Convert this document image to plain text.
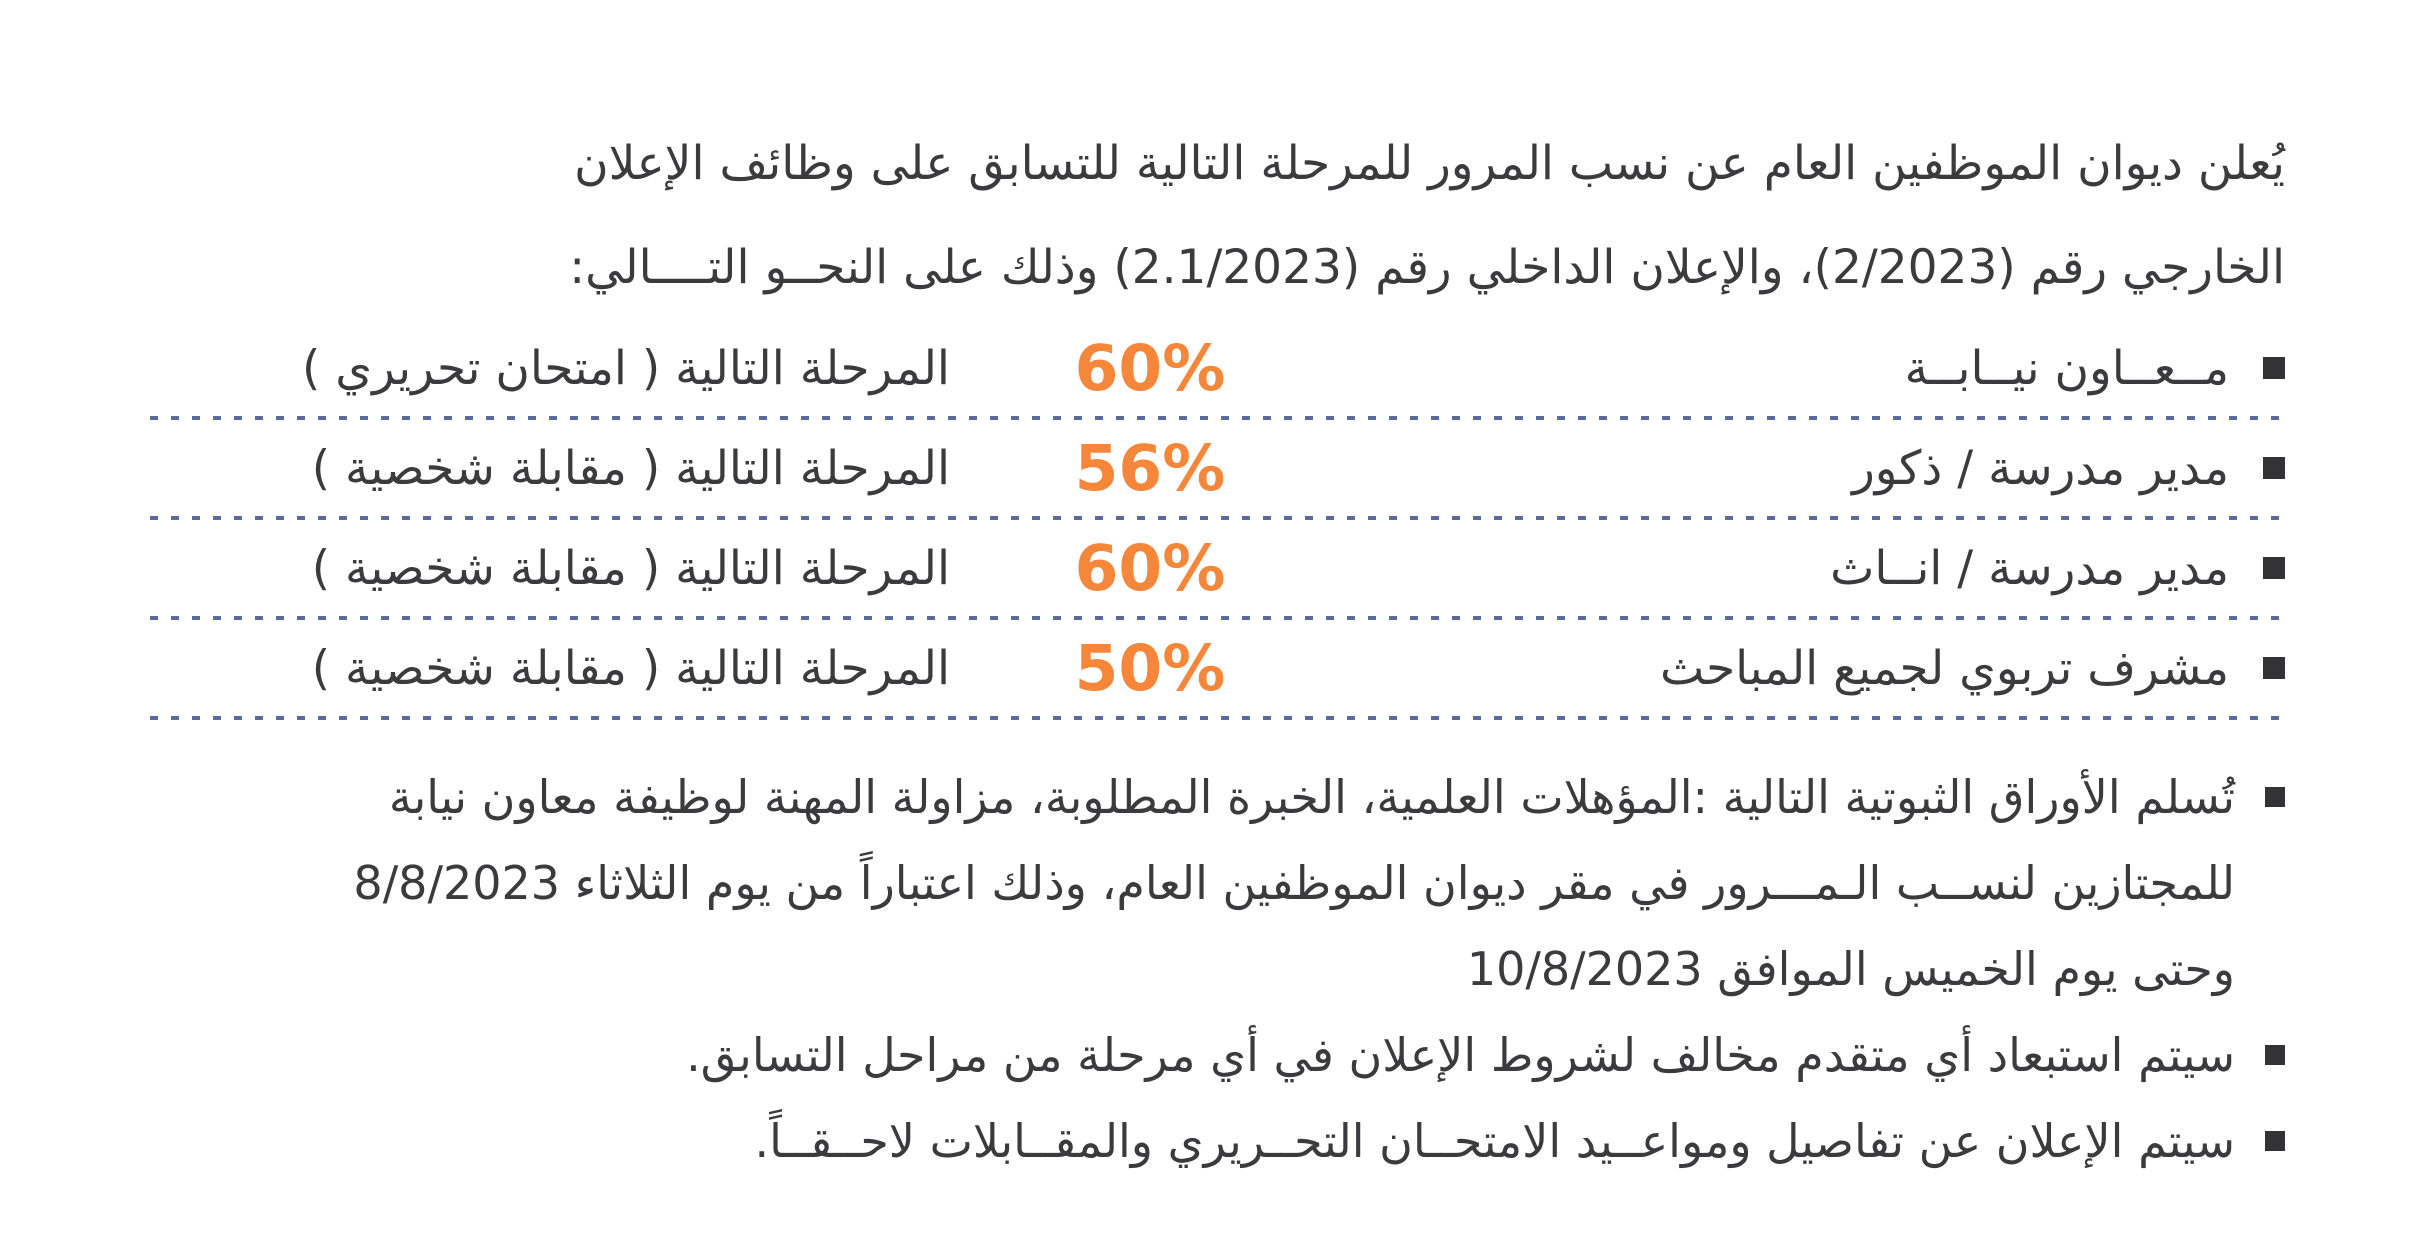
يُعلن ديوان الموظفين العام عن نسب المرور للمرحلة التالية للتسابق على وظائف الإعلان
الخارجي رقم (2/2023)، والإعلان الداخلي رقم (2.1/2023) وذلك على النحــو التــــالي:

مــعــاون نيــابــة
60%
المرحلة التالية ( امتحان تحريري )
مدير مدرسة / ذكور
56%
المرحلة التالية ( مقابلة شخصية )
مدير مدرسة / انــاث
60%
المرحلة التالية ( مقابلة شخصية )
مشرف تربوي لجميع المباحث
50%
المرحلة التالية ( مقابلة شخصية )
تُسلم الأوراق الثبوتية التالية :المؤهلات العلمية، الخبرة المطلوبة، مزاولة المهنة لوظيفة معاون نيابة
للمجتازين لنســب الـمـــرور في مقر ديوان الموظفين العام، وذلك اعتباراً من يوم الثلاثاء 8/8/2023
وحتى يوم الخميس الموافق 10/8/2023
سيتم استبعاد أي متقدم مخالف لشروط الإعلان في أي مرحلة من مراحل التسابق.
سيتم الإعلان عن تفاصيل ومواعــيد الامتحــان التحــريري والمقــابلات لاحــقــاً.
